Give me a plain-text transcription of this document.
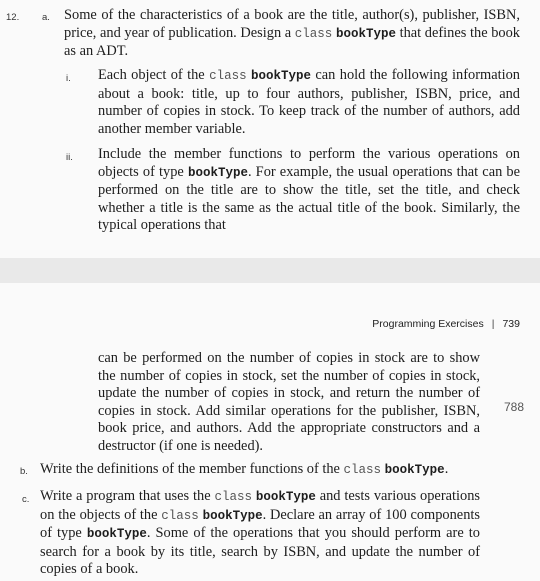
12. a. Some of the characteristics of a book are the title, author(s), publisher, ISBN, price, and year of publication. Design a class bookType that defines the book as an ADT.
i. Each object of the class bookType can hold the following information about a book: title, up to four authors, publisher, ISBN, price, and number of copies in stock. To keep track of the number of authors, add another member variable.
ii. Include the member functions to perform the various operations on objects of type bookType. For example, the usual operations that can be performed on the title are to show the title, set the title, and check whether a title is the same as the actual title of the book. Similarly, the typical operations that
Programming Exercises | 739
can be performed on the number of copies in stock are to show the number of copies in stock, set the number of copies in stock, update the number of copies in stock, and return the number of copies in stock. Add similar operations for the publisher, ISBN, book price, and authors. Add the appropriate constructors and a destructor (if one is needed).
788
b. Write the definitions of the member functions of the class bookType.
c. Write a program that uses the class bookType and tests various operations on the objects of the class bookType. Declare an array of 100 components of type bookType. Some of the operations that you should perform are to search for a book by its title, search by ISBN, and update the number of copies of a book.
